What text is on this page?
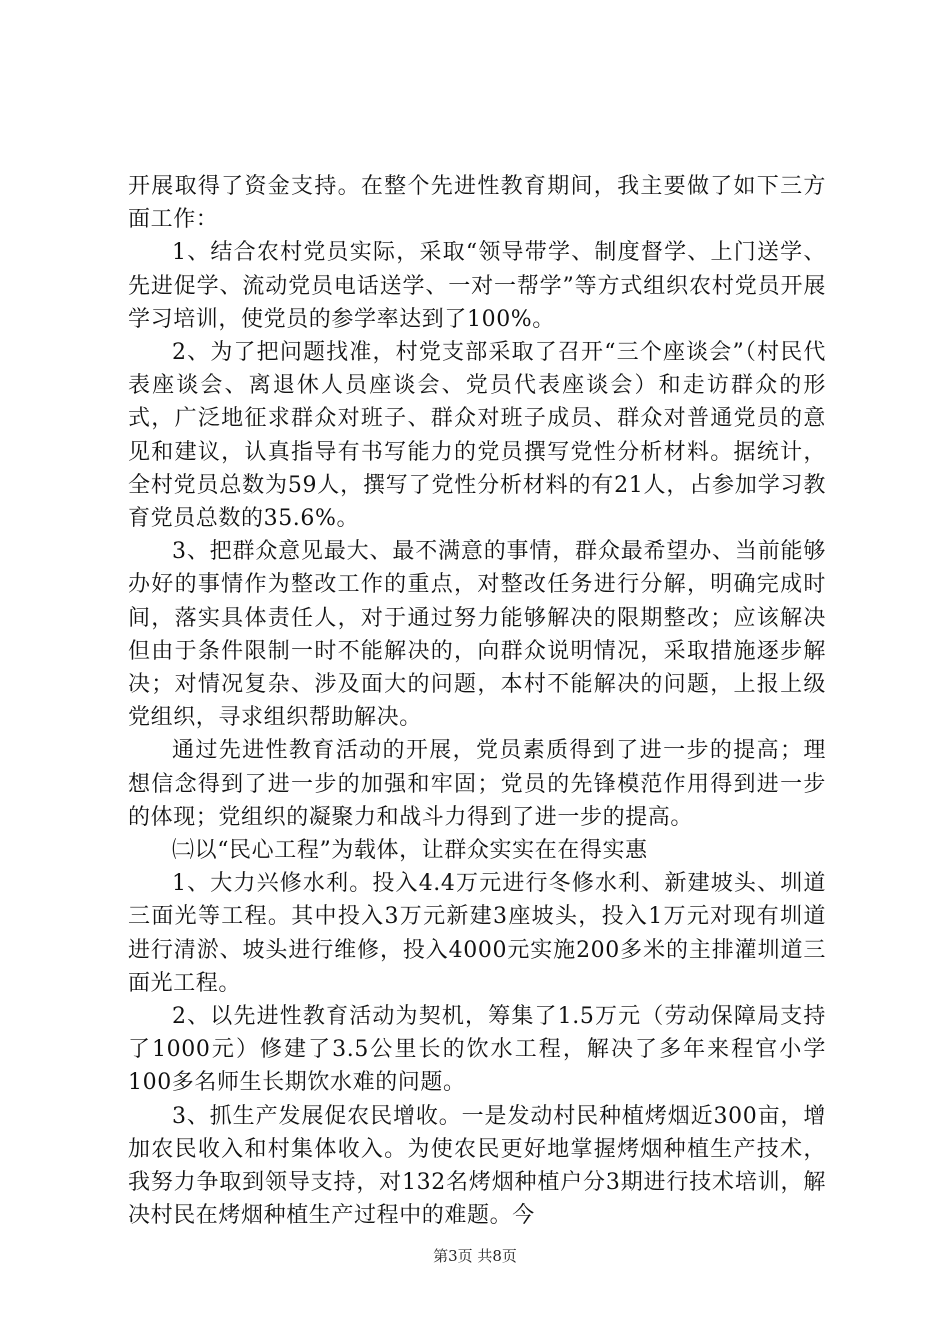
开展取得了资金支持。在整个先进性教育期间，我主要做了如下三方面工作：

1、结合农村党员实际，采取“领导带学、制度督学、上门送学、先进促学、流动党员电话送学、一对一帮学”等方式组织农村党员开展学习培训，使党员的参学率达到了100%。

2、为了把问题找准，村党支部采取了召开“三个座谈会”（村民代表座谈会、离退休人员座谈会、党员代表座谈会）和走访群众的形式，广泛地征求群众对班子、群众对班子成员、群众对普通党员的意见和建议，认真指导有书写能力的党员撰写党性分析材料。据统计，全村党员总数为59人，撰写了党性分析材料的有21人，占参加学习教育党员总数的35.6%。

3、把群众意见最大、最不满意的事情，群众最希望办、当前能够办好的事情作为整改工作的重点，对整改任务进行分解，明确完成时间，落实具体责任人，对于通过努力能够解决的限期整改；应该解决但由于条件限制一时不能解决的，向群众说明情况，采取措施逐步解决；对情况复杂、涉及面大的问题，本村不能解决的问题，上报上级党组织，寻求组织帮助解决。

通过先进性教育活动的开展，党员素质得到了进一步的提高；理想信念得到了进一步的加强和牢固；党员的先锋模范作用得到进一步的体现；党组织的凝聚力和战斗力得到了进一步的提高。

㈡以“民心工程”为载体，让群众实实在在得实惠

1、大力兴修水利。投入4.4万元进行冬修水利、新建坡头、圳道三面光等工程。其中投入3万元新建3座坡头，投入1万元对现有圳道进行清淤、坡头进行维修，投入4000元实施200多米的主排灌圳道三面光工程。

2、以先进性教育活动为契机，筹集了1.5万元（劳动保障局支持了1000元）修建了3.5公里长的饮水工程，解决了多年来程官小学100多名师生长期饮水难的问题。

3、抓生产发展促农民增收。一是发动村民种植烤烟近300亩，增加农民收入和村集体收入。为使农民更好地掌握烤烟种植生产技术，我努力争取到领导支持，对132名烤烟种植户分3期进行技术培训，解决村民在烤烟种植生产过程中的难题。今

第3页 共8页
